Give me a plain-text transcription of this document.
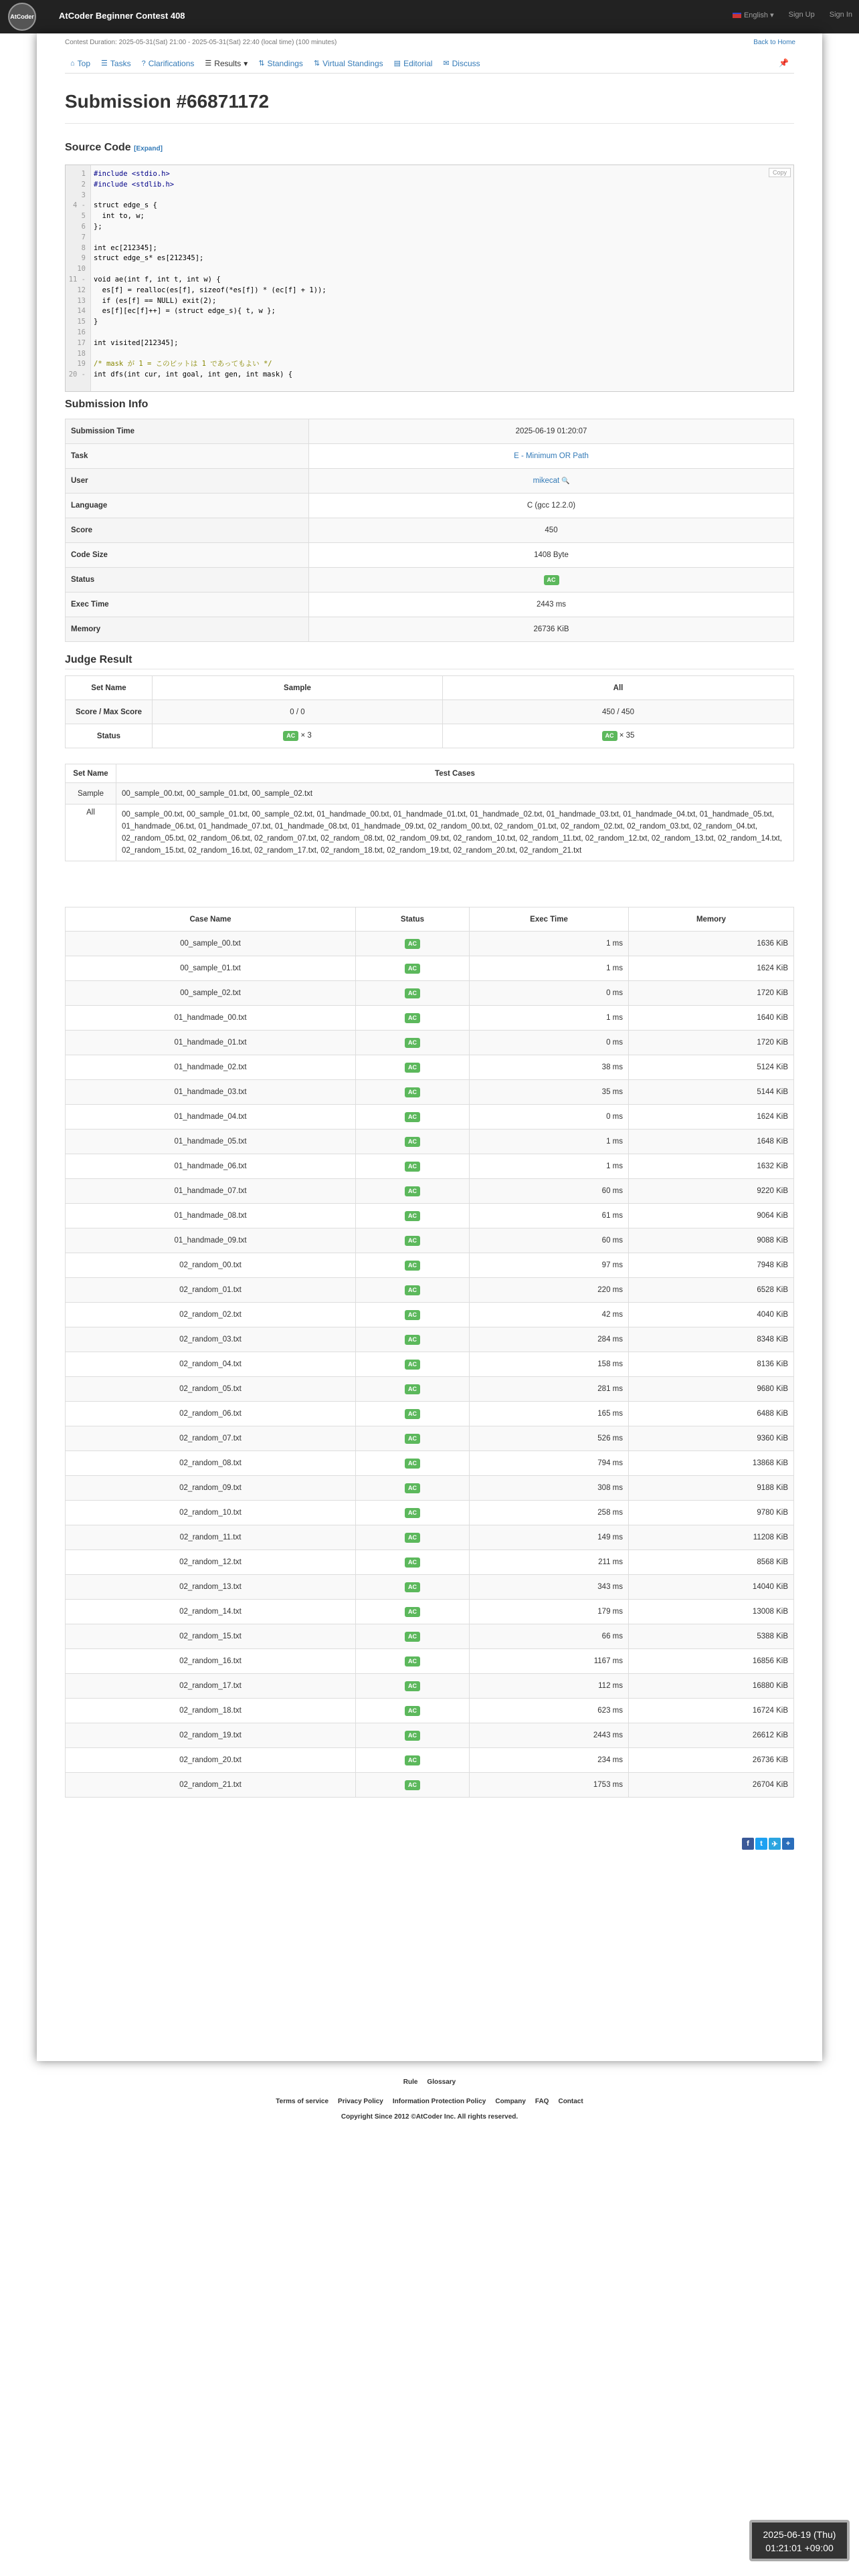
AtCoder	AtCoder Beginner Contest 408	English ▾ Sign Up Sign In
Contest Duration: 2025-05-31(Sat) 21:00 - 2025-05-31(Sat) 22:40 (local time) (100 minutes)	Back to Home
⌂ Top ☰ Tasks ? Clarifications ☰ Results ▾ ⇅ Standings ⇅ Virtual Standings ▤ Editorial ✉ Discuss	📌
Submission #66871172
Source Code [Expand]
Copy
1 #include <stdio.h>
2 #include <stdlib.h>
3
4 - struct edge_s {
5 int to, w;
6 };
7
8 int ec[212345];
9 struct edge_s* es[212345];
10
11 - void ae(int f, int t, int w) {
12 es[f] = realloc(es[f], sizeof(*es[f]) * (ec[f] + 1));
13 if (es[f] == NULL) exit(2);
14 es[f][ec[f]++] = (struct edge_s){ t, w };
15 }
16
17 int visited[212345];
18
19 /* mask が 1 = このビットは 1 であってもよい */
20 - int dfs(int cur, int goal, int gen, int mask) {
Submission Info
Submission Time	2025-06-19 01:20:07
Task	E - Minimum OR Path
User	mikecat 🔍
Language	C (gcc 12.2.0)
Score	450
Code Size	1408 Byte
Status	AC
Exec Time	2443 ms
Memory	26736 KiB
Judge Result
Set Name	Sample	All
Score / Max Score	0 / 0	450 / 450
Status	AC × 3	AC × 35
Set Name	Test Cases
Sample	00_sample_00.txt, 00_sample_01.txt, 00_sample_02.txt
All	00_sample_00.txt, 00_sample_01.txt, 00_sample_02.txt, 01_handmade_00.txt, 01_handmade_01.txt, 01_handmade_02.txt, 01_handmade_03.txt, 01_handmade_04.txt, 01_handmade_05.txt, 01_handmade_06.txt, 01_handmade_07.txt, 01_handmade_08.txt, 01_handmade_09.txt, 02_random_00.txt, 02_random_01.txt, 02_random_02.txt, 02_random_03.txt, 02_random_04.txt, 02_random_05.txt, 02_random_06.txt, 02_random_07.txt, 02_random_08.txt, 02_random_09.txt, 02_random_10.txt, 02_random_11.txt, 02_random_12.txt, 02_random_13.txt, 02_random_14.txt, 02_random_15.txt, 02_random_16.txt, 02_random_17.txt, 02_random_18.txt, 02_random_19.txt, 02_random_20.txt, 02_random_21.txt
Case Name	Status	Exec Time	Memory
00_sample_00.txt	AC	1 ms	1636 KiB
00_sample_01.txt	AC	1 ms	1624 KiB
00_sample_02.txt	AC	0 ms	1720 KiB
01_handmade_00.txt	AC	1 ms	1640 KiB
01_handmade_01.txt	AC	0 ms	1720 KiB
01_handmade_02.txt	AC	38 ms	5124 KiB
01_handmade_03.txt	AC	35 ms	5144 KiB
01_handmade_04.txt	AC	0 ms	1624 KiB
01_handmade_05.txt	AC	1 ms	1648 KiB
01_handmade_06.txt	AC	1 ms	1632 KiB
01_handmade_07.txt	AC	60 ms	9220 KiB
01_handmade_08.txt	AC	61 ms	9064 KiB
01_handmade_09.txt	AC	60 ms	9088 KiB
02_random_00.txt	AC	97 ms	7948 KiB
02_random_01.txt	AC	220 ms	6528 KiB
02_random_02.txt	AC	42 ms	4040 KiB
02_random_03.txt	AC	284 ms	8348 KiB
02_random_04.txt	AC	158 ms	8136 KiB
02_random_05.txt	AC	281 ms	9680 KiB
02_random_06.txt	AC	165 ms	6488 KiB
02_random_07.txt	AC	526 ms	9360 KiB
02_random_08.txt	AC	794 ms	13868 KiB
02_random_09.txt	AC	308 ms	9188 KiB
02_random_10.txt	AC	258 ms	9780 KiB
02_random_11.txt	AC	149 ms	11208 KiB
02_random_12.txt	AC	211 ms	8568 KiB
02_random_13.txt	AC	343 ms	14040 KiB
02_random_14.txt	AC	179 ms	13008 KiB
02_random_15.txt	AC	66 ms	5388 KiB
02_random_16.txt	AC	1167 ms	16856 KiB
02_random_17.txt	AC	112 ms	16880 KiB
02_random_18.txt	AC	623 ms	16724 KiB
02_random_19.txt	AC	2443 ms	26612 KiB
02_random_20.txt	AC	234 ms	26736 KiB
02_random_21.txt	AC	1753 ms	26704 KiB
f	t	✈	+
Rule Glossary
Terms of service Privacy Policy Information Protection Policy Company FAQ Contact
Copyright Since 2012 ©AtCoder Inc. All rights reserved.
2025-06-19 (Thu)
01:21:01 +09:00
